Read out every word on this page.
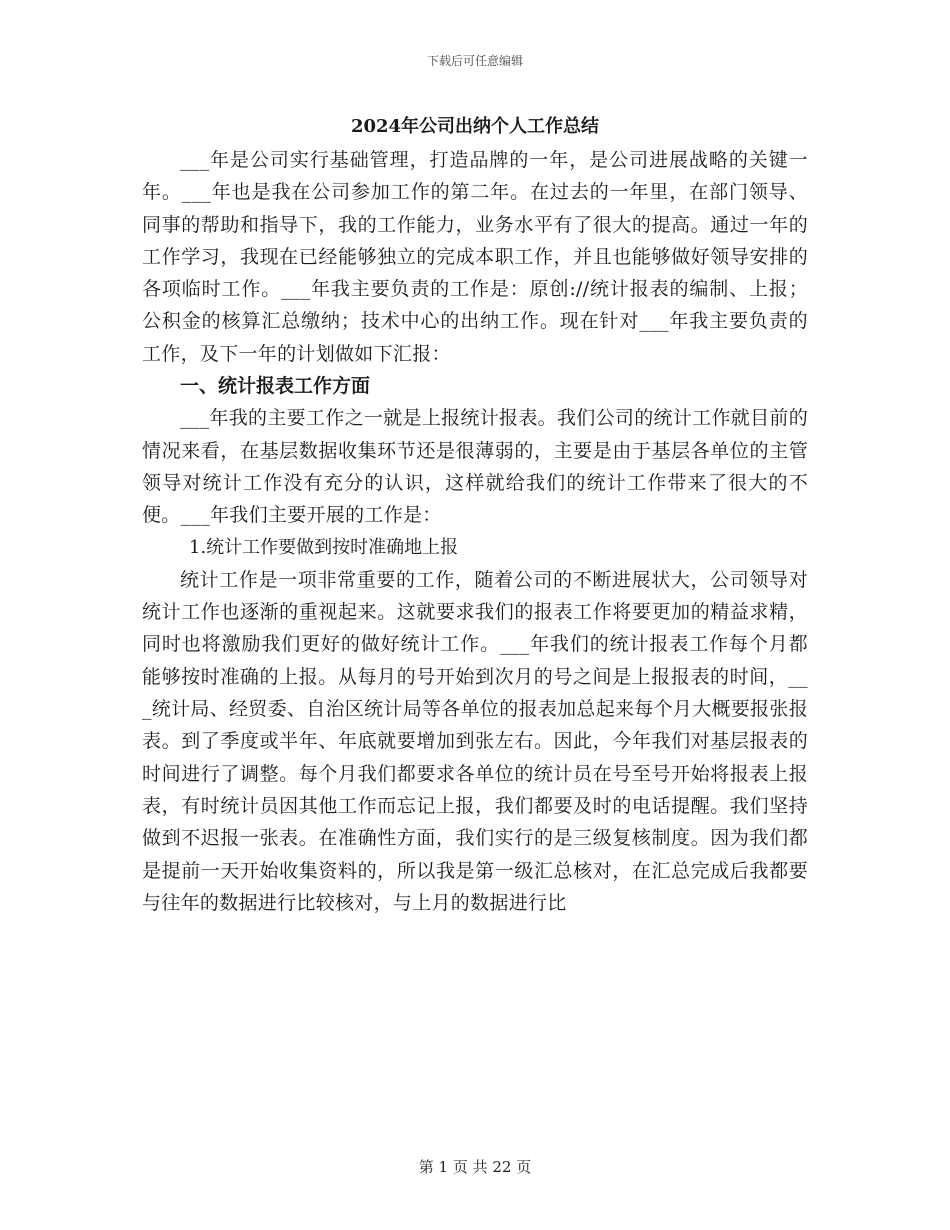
下载后可任意编辑
2024年公司出纳个人工作总结

___年是公司实行基础管理，打造品牌的一年，是公司进展战略的关键一年。___年也是我在公司参加工作的第二年。在过去的一年里，在部门领导、同事的帮助和指导下，我的工作能力，业务水平有了很大的提高。通过一年的工作学习，我现在已经能够独立的完成本职工作，并且也能够做好领导安排的各项临时工作。___年我主要负责的工作是：原创://统计报表的编制、上报；公积金的核算汇总缴纳；技术中心的出纳工作。现在针对___年我主要负责的工作，及下一年的计划做如下汇报：

一、统计报表工作方面

___年我的主要工作之一就是上报统计报表。我们公司的统计工作就目前的情况来看，在基层数据收集环节还是很薄弱的，主要是由于基层各单位的主管领导对统计工作没有充分的认识，这样就给我们的统计工作带来了很大的不便。___年我们主要开展的工作是：

1.统计工作要做到按时准确地上报

统计工作是一项非常重要的工作，随着公司的不断进展状大，公司领导对统计工作也逐渐的重视起来。这就要求我们的报表工作将要更加的精益求精，同时也将激励我们更好的做好统计工作。___年我们的统计报表工作每个月都能够按时准确的上报。从每月的号开始到次月的号之间是上报报表的时间，___统计局、经贸委、自治区统计局等各单位的报表加总起来每个月大概要报张报表。到了季度或半年、年底就要增加到张左右。因此，今年我们对基层报表的时间进行了调整。每个月我们都要求各单位的统计员在号至号开始将报表上报表，有时统计员因其他工作而忘记上报，我们都要及时的电话提醒。我们坚持做到不迟报一张表。在准确性方面，我们实行的是三级复核制度。因为我们都是提前一天开始收集资料的，所以我是第一级汇总核对，在汇总完成后我都要与往年的数据进行比较核对，与上月的数据进行比

第 1 页 共 22 页
